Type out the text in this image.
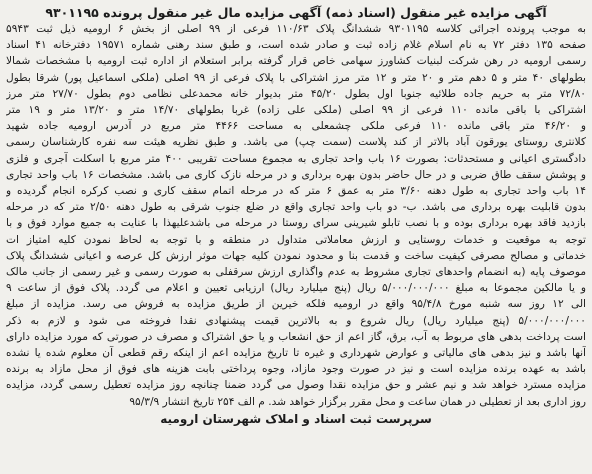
آگهی مزایده غیر منقول (اسناد ذمه) آگهی مزایده مال غیر منقول پرونده ۹۳۰۱۱۹۵
به موجب پرونده اجرائی کلاسه ۹۳۰۱۱۹۵ ششدانگ پلاک ۱۱۰/۶۳ فرعی از ۹۹ اصلی از بخش ۶ ارومیه ذیل ثبت ۵۹۴۳
صفحه ۱۳۵ دفتر ۷۲ به نام اسلام غلام زاده ثبت و صادر شده است، و طبق سند رهنی شماره ۱۹۵۷۱ دفترخانه ۴۱ اسناد
رسمی ارومیه در رهن شرکت لبنیات کشاورز سهامی خاص قرار گرفته برابر استعلام از اداره ثبت ارومیه با مشخصات شمالا
بطولهای ۴۰ متر و ۵ دهم متر و ۲۰ متر و ۱۲ متر مرز اشتراکی با پلاک فرعی از ۹۹ اصلی (ملکی اسماعیل پور) شرقا بطول
۷۲/۸۰ متر به حریم جاده طلائیه جنوبا اول بطول ۴۵/۲۰ متر بدیوار خانه محمدعلی نظامی دوم بطول ۲۷/۷۰ متر مرز
اشتراکی با باقی مانده ۱۱۰ فرعی از ۹۹ اصلی (ملکی علی زاده) غربا بطولهای ۱۴/۷۰ متر و ۱۳/۲۰ متر و ۱۹ متر
و ۴۶/۲۰ متر باقی مانده ۱۱۰ فرعی ملکی چشمعلی به مساحت ۴۴۶۶ متر مربع در آدرس ارومیه جاده شهید
کلانتری روستای یورقون آباد بالاتر از کند پلاست (سمت چپ) می باشد. و طبق نظریه هیئت سه نفره کارشناسان رسمی
دادگستری اعیانی و مستحدثات: بصورت ۱۶ باب واحد تجاری به مجموع مساحت تقریبی ۴۰۰ متر مربع با اسکلت آجری و فلزی
و پوشش سقف طاق ضربی و در حال حاضر بدون بهره برداری و در مرحله نازک کاری می باشد. مشخصات ۱۶ باب واحد تجاری
۱۴ باب واحد تجاری به طول دهنه ۳/۶۰ متر به عمق ۶ متر که در مرحله اتمام سقف کاری و نصب کرکره انجام گردیده و
بدون قابلیت بهره برداری می باشد. ب- دو باب واحد تجاری واقع در ضلع جنوب شرقی به طول دهنه ۲/۵۰ متر که در مرحله
بازدید فاقد بهره برداری بوده و با نصب تابلو شیرینی سرای روستا در مرحله می باشدعلیهذا با عنایت به جمیع موارد فوق و با
توجه به موقعیت و خدمات روستایی و ارزش معاملاتی متداول در منطقه و با توجه به لحاظ نمودن کلیه امتیاز ات
خدماتی و مصالح مصرفی کیفیت ساخت و قدمت بنا و محدود نمودن کلیه جهات موثر ارزش کل عرصه و اعیانی ششدانگ پلاک
موصوف پایه (به انضمام واحدهای تجاری مشروط به عدم واگذاری ارزش سرقفلی به صورت رسمی و غیر رسمی از جانب مالک
و یا مالکین مجموعا به مبلغ ۵/۰۰۰/۰۰۰/۰۰۰ ریال (پنج میلیارد ریال) ارزیابی تعیین و اعلام می گردد. پلاک فوق از ساعت ۹
الی ۱۲ روز سه شنبه مورخ ۹۵/۴/۸ واقع در ارومیه فلکه خیرین از طریق مزایده به فروش می رسد. مزایده از مبلغ
۵/۰۰۰/۰۰۰/۰۰۰ (پنج میلیارد ریال) ریال شروع و به بالاترین قیمت پیشنهادی نقدا فروخته می شود و لازم به ذکر
است پرداخت بدهی های مربوط به آب، برق، گاز اعم از حق انشعاب و یا حق اشتراک و مصرف در صورتی که مورد مزایده دارای
آنها باشد و نیز بدهی های مالیاتی و عوارض شهرداری و غیره تا تاریخ مزایده اعم از اینکه رقم قطعی آن معلوم شده یا نشده
باشد به عهده برنده مزایده است و نیز در صورت وجود مازاد، وجوه پرداختی بابت هزینه های فوق از محل مازاد به برنده
مزایده مسترد خواهد شد و نیم عشر و حق مزایده نقدا وصول می گردد ضمنا چنانچه روز مزایده تعطیل رسمی گردد، مزایده
روز اداری بعد از تعطیلی در همان ساعت و محل مقرر برگزار خواهد شد. م الف ۲۵۴ تاریخ انتشار ۹۵/۳/۹
سرپرست ثبت اسناد و املاک شهرستان ارومیه
